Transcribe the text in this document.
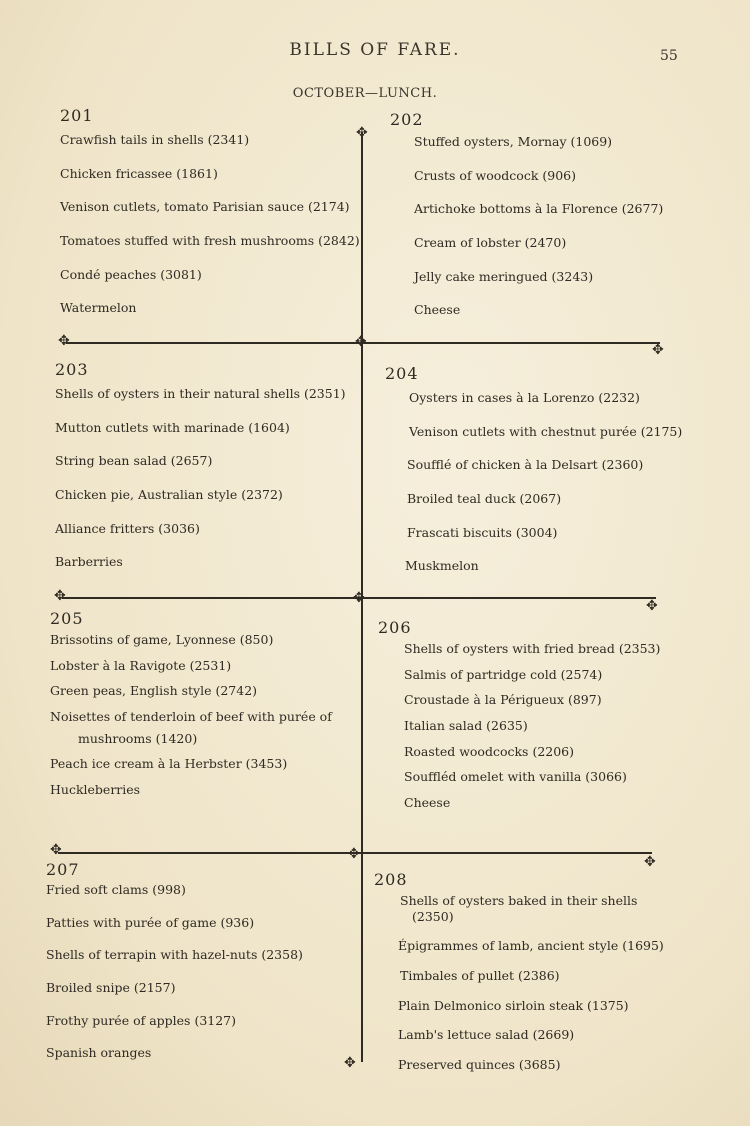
BILLS OF FARE.	55
OCTOBER—LUNCH.
✥
✥	✥	✥
✥	✥	✥
✥	✥	✥
✥
201
Crawfish tails in shells (2341)
Chicken fricassee (1861)
Venison cutlets, tomato Parisian sauce (2174)
Tomatoes stuffed with fresh mushrooms (2842)
Condé peaches (3081)
Watermelon
202
Stuffed oysters, Mornay (1069)
Crusts of woodcock (906)
Artichoke bottoms à la Florence (2677)
Cream of lobster (2470)
Jelly cake meringued (3243)
Cheese
203
Shells of oysters in their natural shells (2351)
Mutton cutlets with marinade (1604)
String bean salad (2657)
Chicken pie, Australian style (2372)
Alliance fritters (3036)
Barberries
204
Oysters in cases à la Lorenzo (2232)
Venison cutlets with chestnut purée (2175)
Soufflé of chicken à la Delsart (2360)
Broiled teal duck (2067)
Frascati biscuits (3004)
Muskmelon
205
Brissotins of game, Lyonnese (850)
Lobster à la Ravigote (2531)
Green peas, English style (2742)
Noisettes of tenderloin of beef with purée of
mushrooms (1420)
Peach ice cream à la Herbster (3453)
Huckleberries
206
Shells of oysters with fried bread (2353)
Salmis of partridge cold (2574)
Croustade à la Périgueux (897)
Italian salad (2635)
Roasted woodcocks (2206)
Souffléd omelet with vanilla (3066)
Cheese
207
Fried soft clams (998)
Patties with purée of game (936)
Shells of terrapin with hazel-nuts (2358)
Broiled snipe (2157)
Frothy purée of apples (3127)
Spanish oranges
208
Shells of oysters baked in their shells
(2350)
Épigrammes of lamb, ancient style (1695)
Timbales of pullet (2386)
Plain Delmonico sirloin steak (1375)
Lamb's lettuce salad (2669)
Preserved quinces (3685)
